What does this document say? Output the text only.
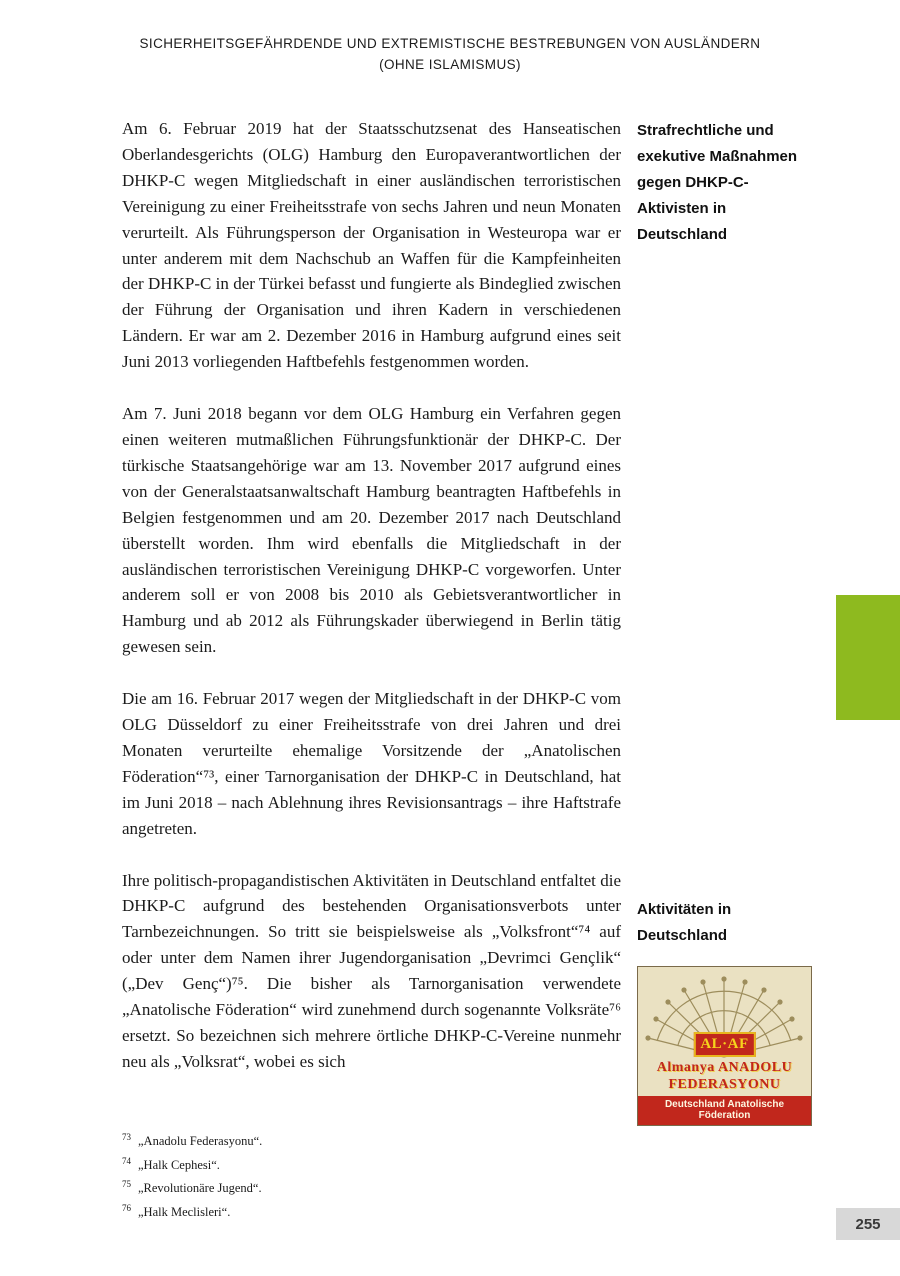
SICHERHEITSGEFÄHRDENDE UND EXTREMISTISCHE BESTREBUNGEN VON AUSLÄNDERN
(OHNE ISLAMISMUS)

Am 6. Februar 2019 hat der Staatsschutzsenat des Hanseatischen Oberlandesgerichts (OLG) Hamburg den Europaverantwortlichen der DHKP-C wegen Mitgliedschaft in einer ausländischen terroristischen Vereinigung zu einer Freiheitsstrafe von sechs Jahren und neun Monaten verurteilt. Als Führungsperson der Organisation in Westeuropa war er unter anderem mit dem Nachschub an Waffen für die Kampfeinheiten der DHKP-C in der Türkei befasst und fungierte als Bindeglied zwischen der Führung der Organisation und ihren Kadern in verschiedenen Ländern. Er war am 2. Dezember 2016 in Hamburg aufgrund eines seit Juni 2013 vorliegenden Haftbefehls festgenommen worden.

Am 7. Juni 2018 begann vor dem OLG Hamburg ein Verfahren gegen einen weiteren mutmaßlichen Führungsfunktionär der DHKP-C. Der türkische Staatsangehörige war am 13. November 2017 aufgrund eines von der Generalstaatsanwaltschaft Hamburg beantragten Haftbefehls in Belgien festgenommen und am 20. Dezember 2017 nach Deutschland überstellt worden. Ihm wird ebenfalls die Mitgliedschaft in der ausländischen terroristischen Vereinigung DHKP-C vorgeworfen. Unter anderem soll er von 2008 bis 2010 als Gebietsverantwortlicher in Hamburg und ab 2012 als Führungskader überwiegend in Berlin tätig gewesen sein.

Die am 16. Februar 2017 wegen der Mitgliedschaft in der DHKP-C vom OLG Düsseldorf zu einer Freiheitsstrafe von drei Jahren und drei Monaten verurteilte ehemalige Vorsitzende der „Anatolischen Föderation“⁷³, einer Tarnorganisation der DHKP-C in Deutschland, hat im Juni 2018 – nach Ablehnung ihres Revisionsantrags – ihre Haftstrafe angetreten.

Ihre politisch-propagandistischen Aktivitäten in Deutschland entfaltet die DHKP-C aufgrund des bestehenden Organisationsverbots unter Tarnbezeichnungen. So tritt sie beispielsweise als „Volksfront“⁷⁴ auf oder unter dem Namen ihrer Jugendorganisation „Devrimci Gençlik“ („Dev Genç“)⁷⁵. Die bisher als Tarnorganisation verwendete „Anatolische Föderation“ wird zunehmend durch sogenannte Volksräte⁷⁶ ersetzt. So bezeichnen sich mehrere örtliche DHKP-C-Vereine nunmehr neu als „Volksrat“, wobei es sich

Strafrechtliche und exekutive Maßnahmen gegen DHKP-C-Aktivisten in Deutschland
Aktivitäten in Deutschland
AL·AF
Almanya ANADOLU
FEDERASYONU
Deutschland Anatolische Föderation
$^{73}$ „Anadolu Federasyonu“.
$^{74}$ „Halk Cephesi“.
$^{75}$ „Revolutionäre Jugend“.
$^{76}$ „Halk Meclisleri“.
255
